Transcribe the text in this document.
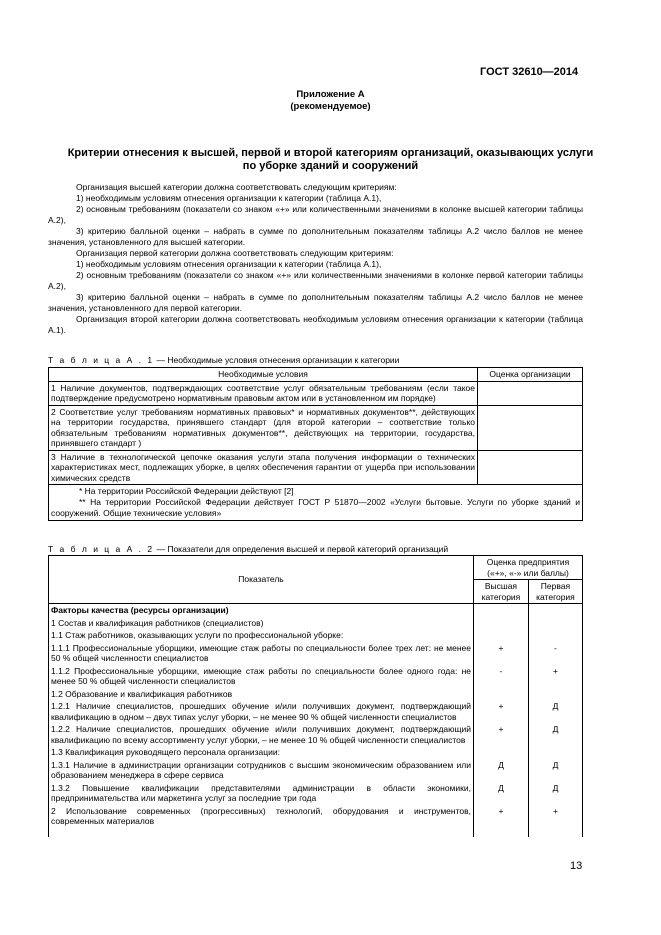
ГОСТ 32610—2014
Приложение А
(рекомендуемое)
Критерии отнесения к высшей, первой и второй категориям организаций, оказывающих услуги
по уборке зданий и сооружений

Организация высшей категории должна соответствовать следующим критериям:

1) необходимым условиям отнесения организации к категории (таблица А.1),

2) основным требованиям (показатели со знаком «+» или количественными значениями в колонке высшей категории таблицы А.2),

3) критерию балльной оценки – набрать в сумме по дополнительным показателям таблицы А.2 число баллов не менее значения, установленного для высшей категории.

Организация первой категории должна соответствовать следующим критериям:

1) необходимым условиям отнесения организации к категории (таблица А.1),

2) основным требованиям (показатели со знаком «+» или количественными значениями в колонке первой категории таблицы А.2),

3) критерию балльной оценки – набрать в сумме по дополнительным показателям таблицы А.2 число баллов не менее значения, установленного для первой категории.

Организация второй категории должна соответствовать необходимым условиям отнесения организации к категории (таблица А.1).

Т а б л и ц а А . 1 — Необходимые условия отнесения организации к категории
Необходимые условия	Оценка организации
1 Наличие документов, подтверждающих соответствие услуг обязательным требованиям (если такое подтверждение предусмотрено нормативным правовым актом или в установленном им порядке)	
2 Соответствие услуг требованиям нормативных правовых* и нормативных документов**, действующих на территории государства, принявшего стандарт (для второй категории – соответствие только обязательным требованиям нормативных документов**, действующих на территории, государства, принявшего стандарт )	
3 Наличие в технологической цепочке оказания услуги этапа получения информации о технических характеристиках мест, подлежащих уборке, в целях обеспечения гарантии от ущерба при использовании химических средств	

* На территории Российской Федерации действуют [2]
** На территории Российской Федерации действует ГОСТ Р 51870—2002 «Услуги бытовые. Услуги по уборке зданий и сооружений. Общие технические условия»	
Т а б л и ц а А . 2 — Показатели для определения высшей и первой категорий организаций
Показатель	Оценка предприятия («+», «-» или баллы)	
	Высшая категория	Первая категория
Факторы качества (ресурсы организации)		
1 Состав и квалификация работников (специалистов)		
1.1 Стаж работников, оказывающих услуги по профессиональной уборке:		
1.1.1 Профессиональные уборщики, имеющие стаж работы по специальности более трех лет: не менее 50 % общей численности специалистов	+	-
1.1.2 Профессиональные уборщики, имеющие стаж работы по специальности более одного года: не менее 50 % общей численности специалистов	-	+
1.2 Образование и квалификация работников		
1.2.1 Наличие специалистов, прошедших обучение и/или получивших документ, подтверждающий квалификацию в одном – двух типах услуг уборки, – не менее 90 % общей численности специалистов	+	Д
1.2.2 Наличие специалистов, прошедших обучение и/или получивших документ, подтверждающий квалификацию по всему ассортименту услуг уборки, – не менее 10 % общей численности специалистов	+	Д
1.3 Квалификация руководящего персонала организации:		
1.3.1 Наличие в администрации организации сотрудников с высшим экономическим образованием или образованием менеджера в сфере сервиса	Д	Д
1.3.2 Повышение квалификации представителями администрации в области экономики, предпринимательства или маркетинга услуг за последние три года	Д	Д
2 Использование современных (прогрессивных) технологий, оборудования и инструментов, современных материалов	+	+
13
